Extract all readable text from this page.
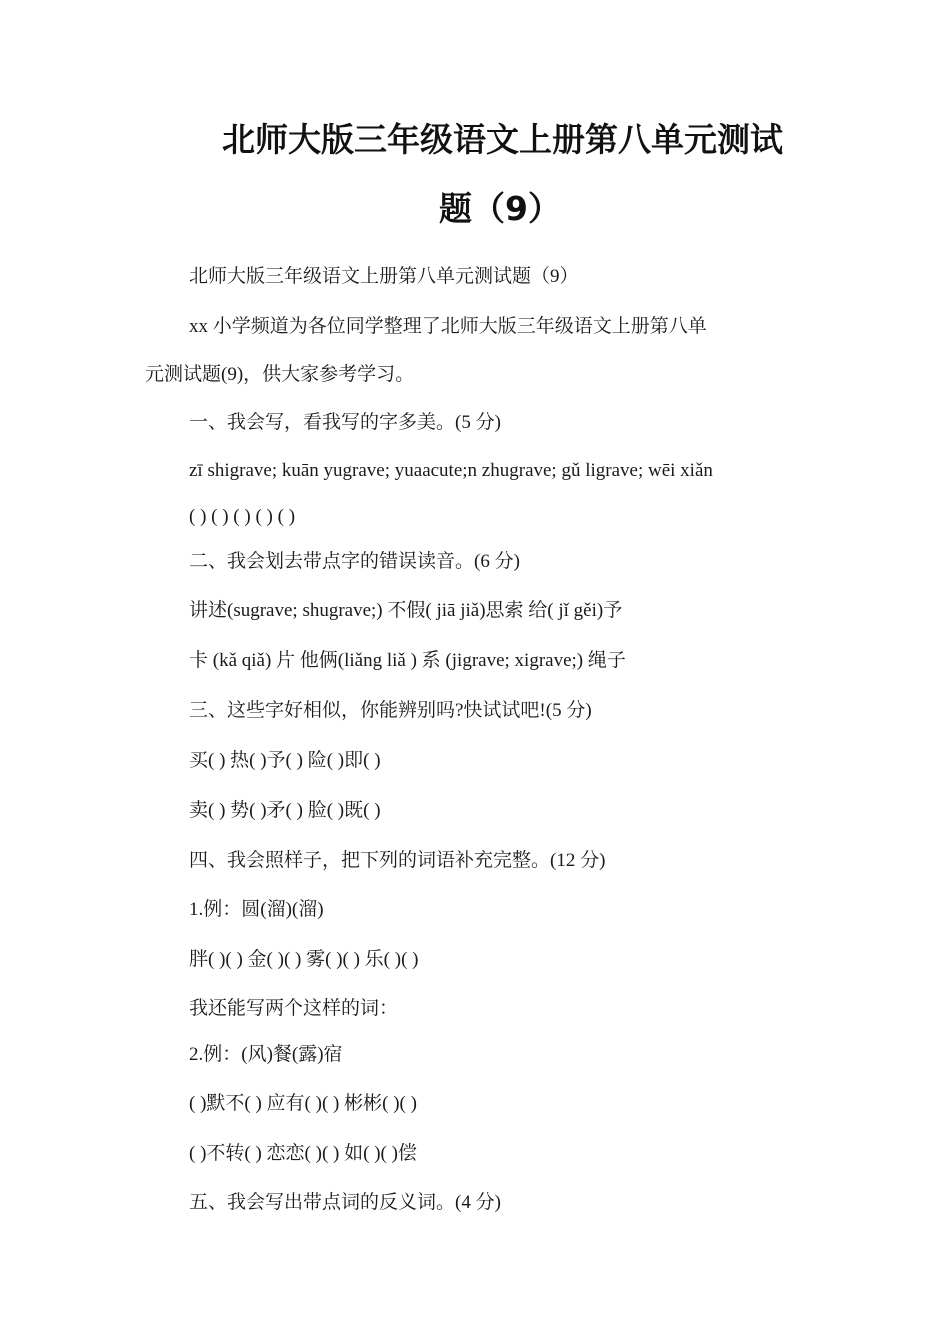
北师大版三年级语文上册第八单元测试
题（9）
北师大版三年级语文上册第八单元测试题（9）
xx 小学频道为各位同学整理了北师大版三年级语文上册第八单
元测试题(9)，供大家参考学习。
一、我会写，看我写的字多美。(5 分)
zī shigrave; kuān yugrave; yuaacute;n zhugrave; gǔ ligrave; wēi xiǎn
( ) ( ) ( ) ( ) ( )
二、我会划去带点字的错误读音。(6 分)
讲述(sugrave; shugrave;) 不假( jiā jiǎ)思索 给( jǐ gěi)予
卡 (kǎ qiǎ) 片 他俩(liǎng liǎ ) 系 (jigrave; xigrave;) 绳子
三、这些字好相似，你能辨别吗?快试试吧!(5 分)
买( ) 热( )予( ) 险( )即( )
卖( ) 势( )矛( ) 脸( )既( )
四、我会照样子，把下列的词语补充完整。(12 分)
1.例：圆(溜)(溜)
胖( )( ) 金( )( ) 雾( )( ) 乐( )( )
我还能写两个这样的词：
2.例：(风)餐(露)宿
( )默不( ) 应有( )( ) 彬彬( )( )
( )不转( ) 恋恋( )( ) 如( )( )偿
五、我会写出带点词的反义词。(4 分)
